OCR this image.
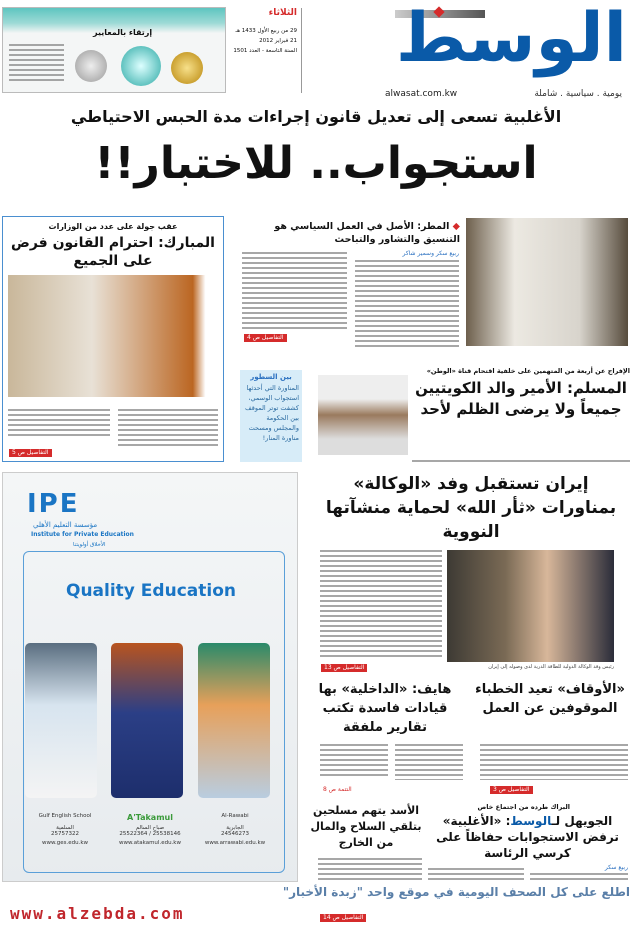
الوسط
alwasat.com.kw	يومية . سياسية . شاملة
الثلاثاء
29 من ربيع الأول 1433 هـ
21 فبراير 2012
السنة التاسعة - العدد 1501
إرتقاء بالمعايير
الأغلبية تسعى إلى تعديل قانون إجراءات مدة الحبس الاحتياطي
استجواب.. للاختبار!!
عقب جولة على عدد من الوزارات
المبارك: احترام القانون فرض على الجميع
التفاصيل ص 5
◆ المطر: الأصل في العمل السياسي هو التنسيق والتشاور والتباحث
ربيع سكر وسمير شاكر
التفاصيل ص 4
الإفراج عن أربعة من المتهمين على خلفية اقتحام قناة «الوطن»
المسلم: الأمير والد الكويتيين جميعاً ولا يرضى الظلم لأحد
بين السطور
المناورة التي أحدثها استجواب الوسمي، كشفت توتر الموقف بين الحكومة والمجلس ومسحت مناورة المنار!
IPE
مؤسسة التعليم الأهلي
Institute for Private Education
الأخلاق أولويتنا
Quality Education
Gulf English School
السلمية
25757322
www.ges.edu.kw
A'Takamul
صباح السالم
25522364 / 25538146
www.atakamul.edu.kw
Al-Rawabi
الجابرية
24546273
www.arrawabi.edu.kw
إيران تستقبل وفد «الوكالة» بمناورات «ثأر الله» لحماية منشآتها النووية
رئيس وفد الوكالة الدولية للطاقة الذرية لدى وصوله إلى إيران
التفاصيل ص 13
«الأوقاف» تعيد الخطباء الموقوفين عن العمل
التفاصيل ص 3
هايف: «الداخلية» بها قيادات فاسدة تكتب تقارير ملفقة
التتمة ص 8
البراك طرده من اجتماع خاص
الجويهل لـالوسط: «الأغلبية» ترفض الاستجوابات حفاظاً على كرسي الرئاسة
ربيع سكر
الأسد يتهم مسلحين بتلقي السلاح والمال من الخارج
التفاصيل ص 14
اطلع على كل الصحف اليومية في موقع واحد "زبدة الأخبار"
www.alzebda.com
